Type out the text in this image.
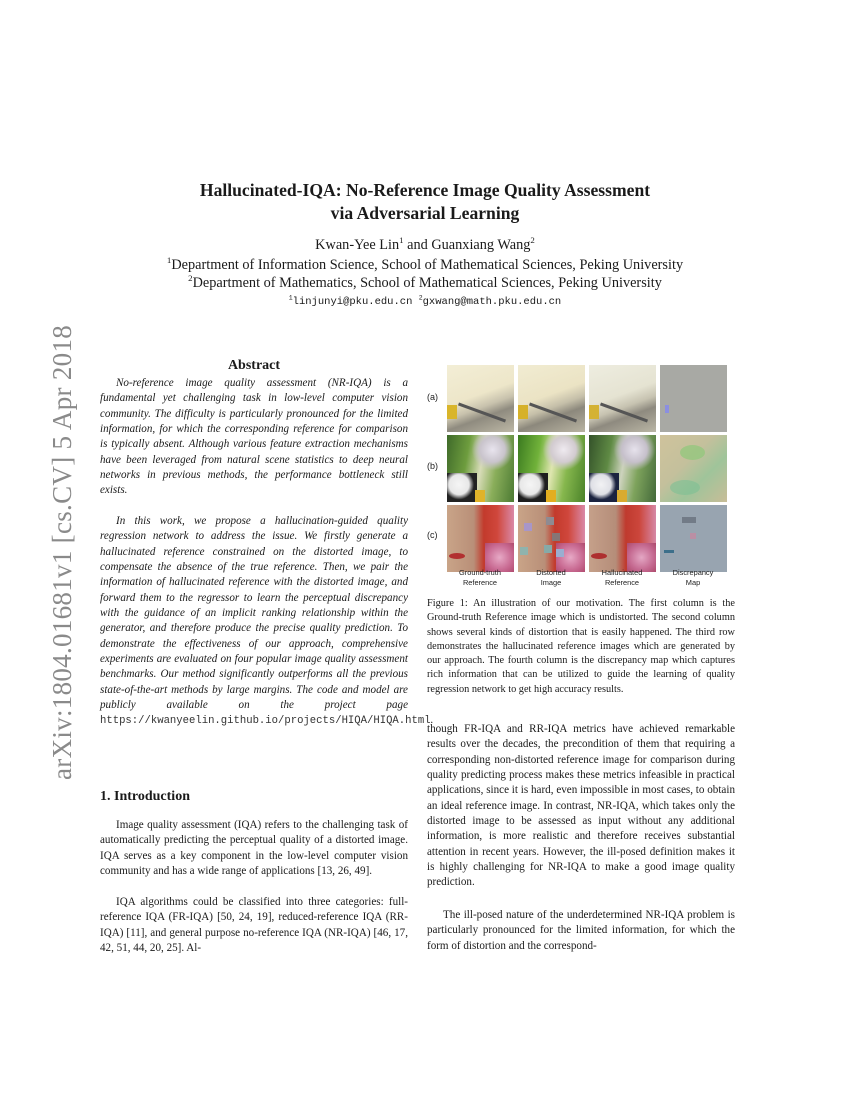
arXiv:1804.01681v1 [cs.CV] 5 Apr 2018
Hallucinated-IQA: No-Reference Image Quality Assessment
via Adversarial Learning
Kwan-Yee Lin$^1$ and Guanxiang Wang$^2$
$^1$Department of Information Science, School of Mathematical Sciences, Peking University
$^2$Department of Mathematics, School of Mathematical Sciences, Peking University
$^1$linjunyi@pku.edu.cn $^2$gxwang@math.pku.edu.cn
Abstract

No-reference image quality assessment (NR-IQA) is a fundamental yet challenging task in low-level computer vision community. The difficulty is particularly pronounced for the limited information, for which the corresponding reference for comparison is typically absent. Although various feature extraction mechanisms have been leveraged from natural scene statistics to deep neural networks in previous methods, the performance bottleneck still exists.

In this work, we propose a hallucination-guided quality regression network to address the issue. We firstly generate a hallucinated reference constrained on the distorted image, to compensate the absence of the true reference. Then, we pair the information of hallucinated reference with the distorted image, and forward them to the regressor to learn the perceptual discrepancy with the guidance of an implicit ranking relationship within the generator, and therefore produce the precise quality prediction. To demonstrate the effectiveness of our approach, comprehensive experiments are evaluated on four popular image quality assessment benchmarks. Our method significantly outperforms all the previous state-of-the-art methods by large margins. The code and model are publicly available on the project page https://kwanyeelin.github.io/projects/HIQA/HIQA.html.

1. Introduction

Image quality assessment (IQA) refers to the challenging task of automatically predicting the perceptual quality of a distorted image. IQA serves as a key component in the low-level computer vision community and has a wide range of applications [13, 26, 49].

IQA algorithms could be classified into three categories: full-reference IQA (FR-IQA) [50, 24, 19], reduced-reference IQA (RR-IQA) [11], and general purpose no-reference IQA (NR-IQA) [46, 17, 42, 51, 44, 20, 25]. Al-

(a)
(b)
(c)
Ground-truth
Reference
Distorted
Image
Hallucinated
Reference
Discrepancy
Map

Figure 1: An illustration of our motivation. The first column is the Ground-truth Reference image which is undistorted. The second column shows several kinds of distortion that is easily happened. The third row demonstrates the hallucinated reference images which are generated by our approach. The fourth column is the discrepancy map which captures rich information that can be utilized to guide the learning of quality regression network to get high accuracy results.

though FR-IQA and RR-IQA metrics have achieved remarkable results over the decades, the precondition of them that requiring a corresponding non-distorted reference image for comparison during quality predicting process makes these metrics infeasible in practical applications, since it is hard, even impossible in most cases, to obtain an ideal reference image. In contrast, NR-IQA, which takes only the distorted image to be assessed as input without any additional information, is more realistic and therefore receives substantial attention in recent years. However, the ill-posed definition makes it is highly challenging for NR-IQA to make a good image quality prediction.

The ill-posed nature of the underdetermined NR-IQA problem is particularly pronounced for the limited information, for which the form of distortion and the correspond-
